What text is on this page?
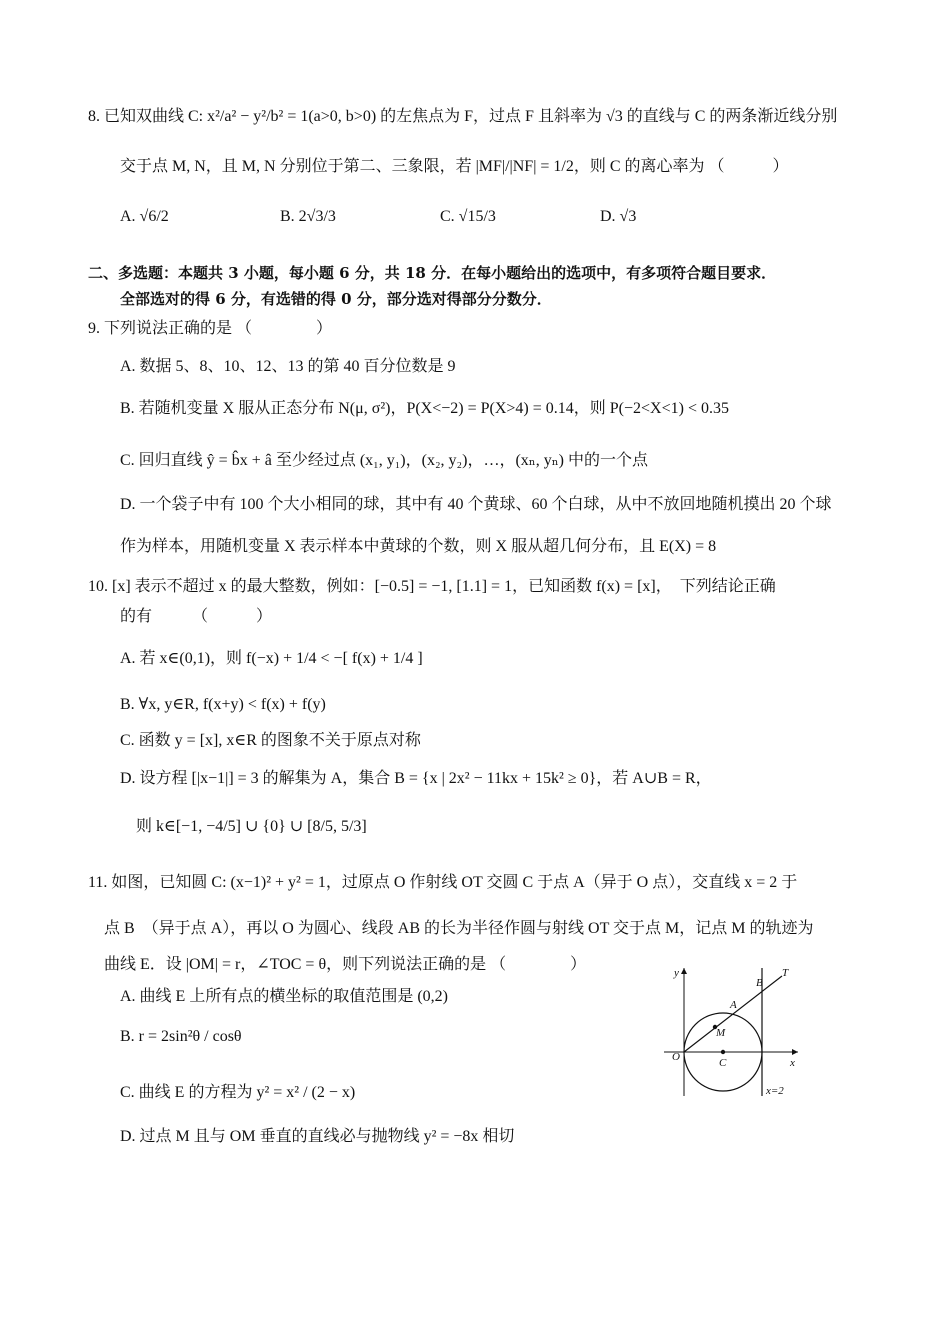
8. 已知双曲线 C: x²/a² − y²/b² = 1(a>0, b>0) 的左焦点为 F，过点 F 且斜率为 √3 的直线与 C 的两条渐近线分别
交于点 M, N，且 M, N 分别位于第二、三象限，若 |MF|/|NF| = 1/2，则 C 的离心率为 （　　　）
A. √6/2	B. 2√3/3	C. √15/3	D. √3
二、多选题：本题共 3 小题，每小题 6 分，共 18 分．在每小题给出的选项中，有多项符合题目要求．
全部选对的得 6 分，有选错的得 0 分，部分选对得部分分数分．
9. 下列说法正确的是 （　　　　）
A. 数据 5、8、10、12、13 的第 40 百分位数是 9
B. 若随机变量 X 服从正态分布 N(μ, σ²)，P(X<−2) = P(X>4) = 0.14，则 P(−2<X<1) < 0.35
C. 回归直线 ŷ = b̂x + â 至少经过点 (x₁, y₁)，(x₂, y₂)，…，(xₙ, yₙ) 中的一个点
D. 一个袋子中有 100 个大小相同的球，其中有 40 个黄球、60 个白球，从中不放回地随机摸出 20 个球
作为样本，用随机变量 X 表示样本中黄球的个数，则 X 服从超几何分布，且 E(X) = 8
10. [x] 表示不超过 x 的最大整数，例如：[−0.5] = −1, [1.1] = 1，已知函数 f(x) = [x]，　下列结论正确
的有　　　（　　　）
A. 若 x∈(0,1)，则 f(−x) + 1/4 < −[ f(x) + 1/4 ]
B. ∀x, y∈R, f(x+y) < f(x) + f(y)
C. 函数 y = [x], x∈R 的图象不关于原点对称
D. 设方程 [|x−1|] = 3 的解集为 A，集合 B = {x | 2x² − 11kx + 15k² ≥ 0}，若 A∪B = R，
则 k∈[−1, −4/5] ∪ {0} ∪ [8/5, 5/3]
11. 如图，已知圆 C: (x−1)² + y² = 1，过原点 O 作射线 OT 交圆 C 于点 A（异于 O 点），交直线 x = 2 于
点 B　（异于点 A），再以 O 为圆心、线段 AB 的长为半径作圆与射线 OT 交于点 M，记点 M 的轨迹为
曲线 E．设 |OM| = r，∠TOC = θ，则下列说法正确的是 （　　　　）
A. 曲线 E 上所有点的横坐标的取值范围是 (0,2)
B. r = 2sin²θ / cosθ
C. 曲线 E 的方程为 y² = x² / (2 − x)
D. 过点 M 且与 OM 垂直的直线必与抛物线 y² = −8x 相切
y
x
O	C
A
B
T
M
x=2
